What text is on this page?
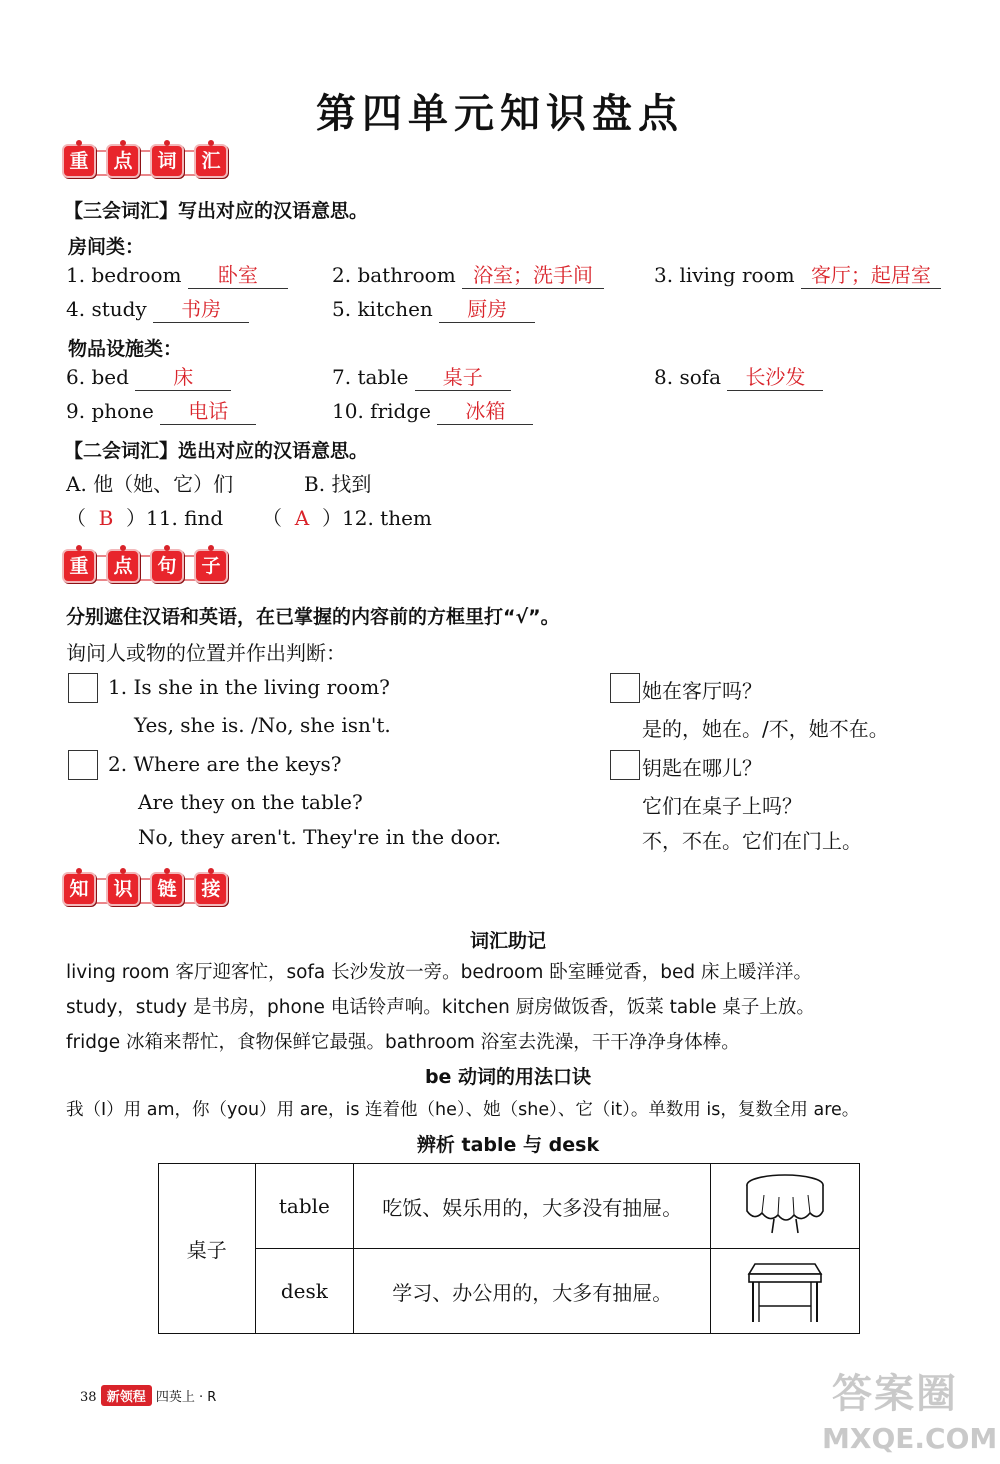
第四单元知识盘点
重	点	词	汇
【三会词汇】写出对应的汉语意思。
房间类：
1. bedroom 卧室	2. bathroom 浴室；洗手间	3. living room 客厅；起居室
4. study 书房	5. kitchen 厨房
物品设施类：
6. bed 床	7. table 桌子	8. sofa 长沙发
9. phone 电话	10. fridge 冰箱
【二会词汇】选出对应的汉语意思。
A. 他（她、它）们	B. 找到
（ B ）11. find （ A ）12. them
重	点	句	子
分别遮住汉语和英语，在已掌握的内容前的方框里打“√”。
询问人或物的位置并作出判断：
1. Is she in the living room?
Yes, she is. /No, she isn't.
她在客厅吗？
是的，她在。/不，她不在。
2. Where are the keys?
Are they on the table?
No, they aren't. They're in the door.
钥匙在哪儿？
它们在桌子上吗？
不，不在。它们在门上。
知	识	链	接
词汇助记
living room 客厅迎客忙，sofa 长沙发放一旁。bedroom 卧室睡觉香，bed 床上暖洋洋。
study，study 是书房，phone 电话铃声响。kitchen 厨房做饭香，饭菜 table 桌子上放。
fridge 冰箱来帮忙，食物保鲜它最强。bathroom 浴室去洗澡，干干净净身体棒。
be 动词的用法口诀
我（I）用 am，你（you）用 are，is 连着他（he）、她（she）、它（it）。单数用 is，复数全用 are。
辨析 table 与 desk
桌子	table	吃饭、娱乐用的，大多没有抽屉。	
	desk	学习、办公用的，大多有抽屉。	
38 新领程 四英上 · R	答案圈
MXQE.COM
